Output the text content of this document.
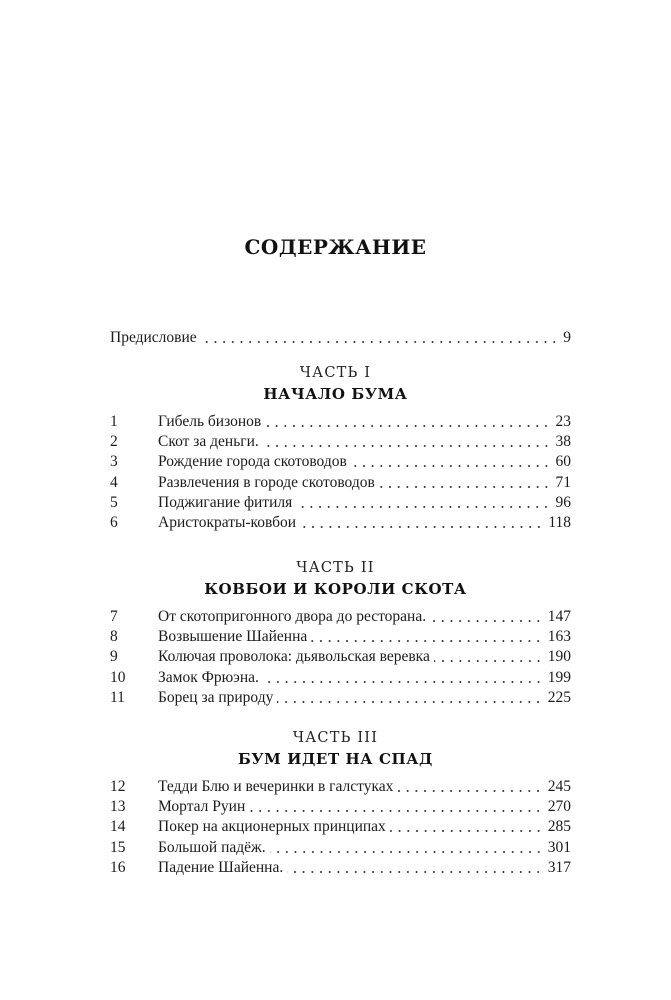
СОДЕРЖАНИЕ
Предисловие	9
ЧАСТЬ I
НАЧАЛО БУМА
1	Гибель бизонов	23
2	Скот за деньги.	38
3	Рождение города скотоводов	60
4	Развлечения в городе скотоводов	71
5	Поджигание фитиля	96
6	Аристократы-ковбои	118
ЧАСТЬ II
КОВБОИ И КОРОЛИ СКОТА
7	От скотопригонного двора до ресторана.	147
8	Возвышение Шайенна	163
9	Колючая проволока: дьявольская веревка	190
10	Замок Фрюэна.	199
11	Борец за природу	225
ЧАСТЬ III
БУМ ИДЕТ НА СПАД
12	Тедди Блю и вечеринки в галстуках	245
13	Мортал Руин	270
14	Покер на акционерных принципах	285
15	Большой падёж.	301
16	Падение Шайенна.	317
